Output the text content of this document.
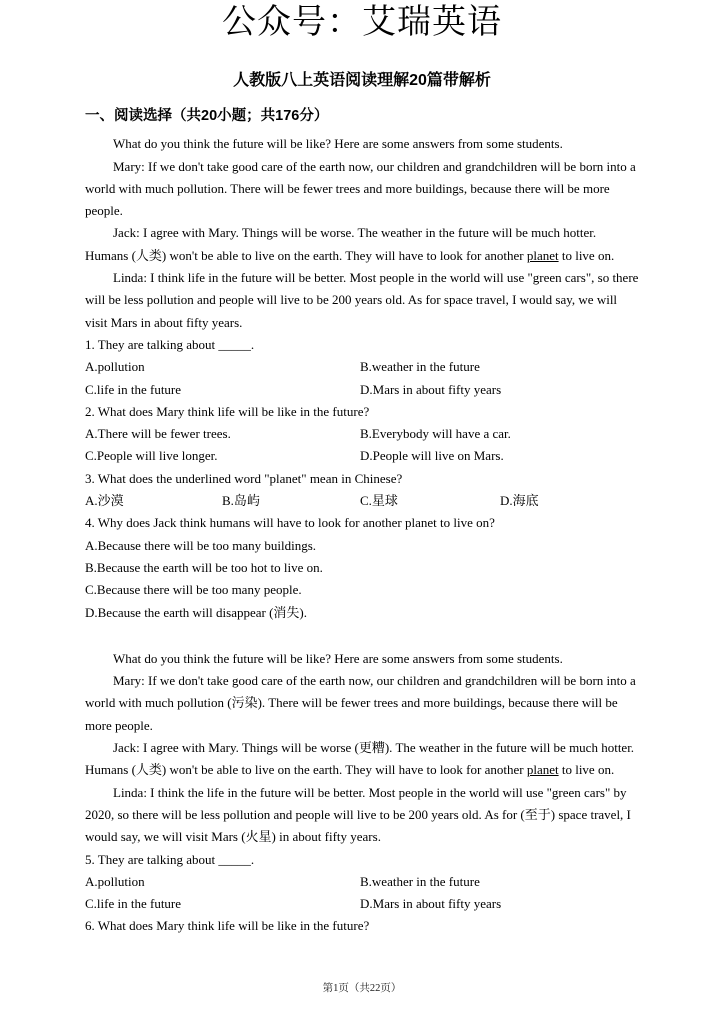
公众号：艾瑞英语
人教版八上英语阅读理解20篇带解析
一、阅读选择（共20小题；共176分）

What do you think the future will be like? Here are some answers from some students.

Mary: If we don't take good care of the earth now, our children and grandchildren will be born into a world with much pollution. There will be fewer trees and more buildings, because there will be more people.

Jack: I agree with Mary. Things will be worse. The weather in the future will be much hotter. Humans (人类) won't be able to live on the earth. They will have to look for another planet to live on.

Linda: I think life in the future will be better. Most people in the world will use "green cars", so there will be less pollution and people will live to be 200 years old. As for space travel, I would say, we will visit Mars in about fifty years.

1. They are talking about _____.

A.pollution	B.weather in the future
C.life in the future	D.Mars in about fifty years

2. What does Mary think life will be like in the future?

A.There will be fewer trees.	B.Everybody will have a car.
C.People will live longer.	D.People will live on Mars.

3. What does the underlined word "planet" mean in Chinese?

A.沙漠	B.岛屿	C.星球	D.海底

4. Why does Jack think humans will have to look for another planet to live on?

A.Because there will be too many buildings.

B.Because the earth will be too hot to live on.

C.Because there will be too many people.

D.Because the earth will disappear (消失).

What do you think the future will be like? Here are some answers from some students.

Mary: If we don't take good care of the earth now, our children and grandchildren will be born into a world with much pollution (污染). There will be fewer trees and more buildings, because there will be more people.

Jack: I agree with Mary. Things will be worse (更糟). The weather in the future will be much hotter. Humans (人类) won't be able to live on the earth. They will have to look for another planet to live on.

Linda: I think the life in the future will be better. Most people in the world will use "green cars" by 2020, so there will be less pollution and people will live to be 200 years old. As for (至于) space travel, I would say, we will visit Mars (火星) in about fifty years.

5. They are talking about _____.

A.pollution	B.weather in the future
C.life in the future	D.Mars in about fifty years

6. What does Mary think life will be like in the future?

第1页（共22页）
